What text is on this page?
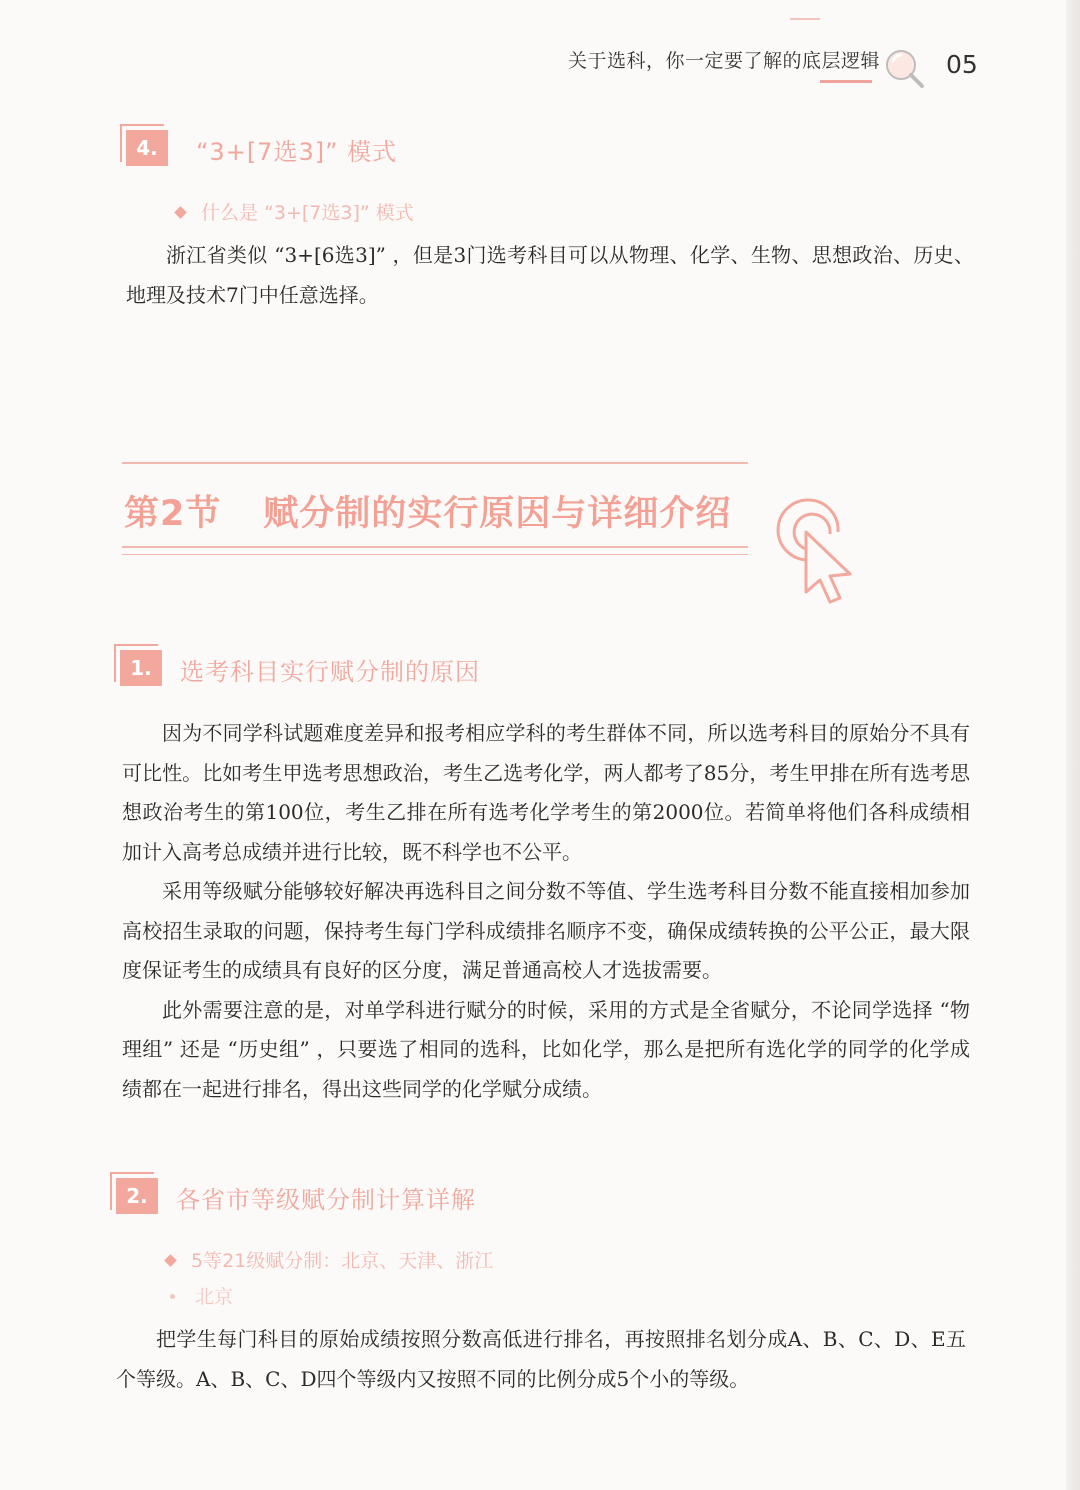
关于选科，你一定要了解的底层逻辑	05
4.	“3+[7选3]” 模式
什么是 “3+[7选3]” 模式

浙江省类似 “3+[6选3]” ，但是3门选考科目可以从物理、化学、生物、思想政治、历史、地理及技术7门中任意选择。

第2节 赋分制的实行原因与详细介绍
1.	选考科目实行赋分制的原因

因为不同学科试题难度差异和报考相应学科的考生群体不同，所以选考科目的原始分不具有可比性。比如考生甲选考思想政治，考生乙选考化学，两人都考了85分，考生甲排在所有选考思想政治考生的第100位，考生乙排在所有选考化学考生的第2000位。若简单将他们各科成绩相加计入高考总成绩并进行比较，既不科学也不公平。

采用等级赋分能够较好解决再选科目之间分数不等值、学生选考科目分数不能直接相加参加高校招生录取的问题，保持考生每门学科成绩排名顺序不变，确保成绩转换的公平公正，最大限度保证考生的成绩具有良好的区分度，满足普通高校人才选拔需要。

此外需要注意的是，对单学科进行赋分的时候，采用的方式是全省赋分，不论同学选择 “物理组” 还是 “历史组” ，只要选了相同的选科，比如化学，那么是把所有选化学的同学的化学成绩都在一起进行排名，得出这些同学的化学赋分成绩。

2.	各省市等级赋分制计算详解
5等21级赋分制：北京、天津、浙江
北京

把学生每门科目的原始成绩按照分数高低进行排名，再按照排名划分成A、B、C、D、E五个等级。A、B、C、D四个等级内又按照不同的比例分成5个小的等级。
